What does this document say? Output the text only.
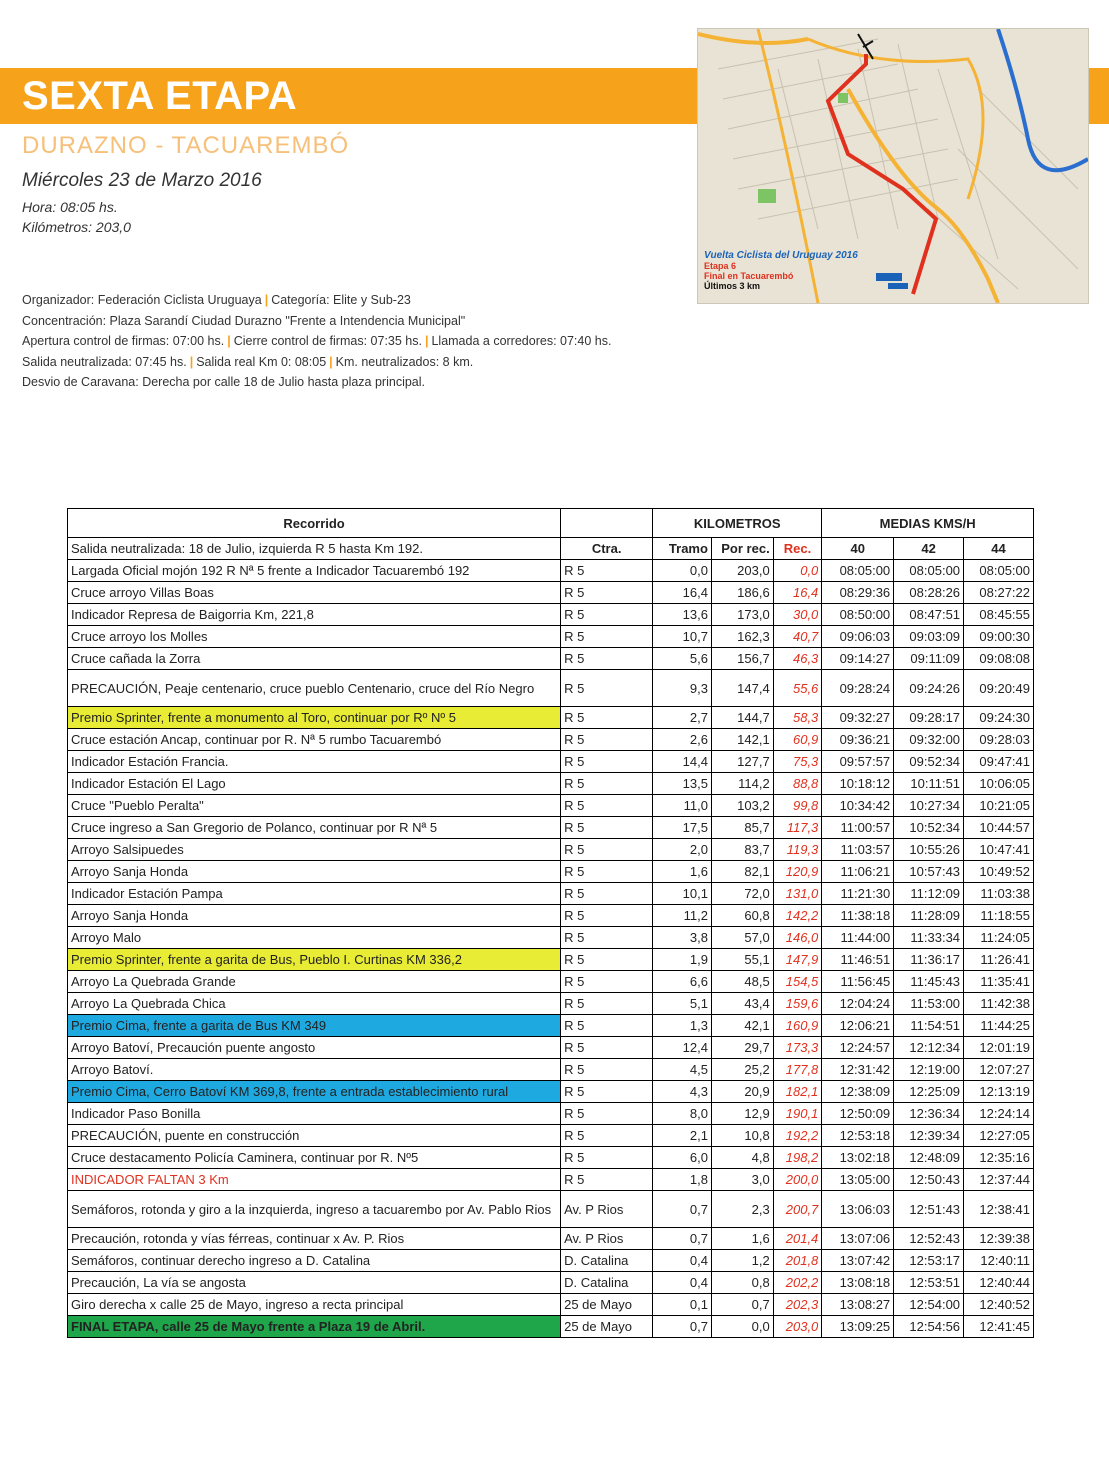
SEXTA ETAPA
DURAZNO - TACUAREMBÓ
Miércoles 23 de Marzo 2016
Hora: 08:05 hs.
Kilómetros: 203,0
Vuelta Ciclista del Uruguay 2016
Etapa 6
Final en Tacuarembó
Últimos 3 km
Organizador: Federación Ciclista Uruguaya | Categoría: Elite y Sub-23
Concentración: Plaza Sarandí Ciudad Durazno "Frente a Intendencia Municipal"
Apertura control de firmas: 07:00 hs. | Cierre control de firmas: 07:35 hs. | Llamada a corredores: 07:40 hs.
Salida neutralizada: 07:45 hs. | Salida real Km 0: 08:05 | Km. neutralizados: 8 km.
Desvio de Caravana: Derecha por calle 18 de Julio hasta plaza principal.
Recorrido		KILOMETROS			MEDIAS KMS/H		
Salida neutralizada: 18 de Julio, izquierda R 5 hasta Km 192.	Ctra.	Tramo	Por rec.	Rec.	40	42	44
Largada Oficial mojón 192 R Nª 5 frente a Indicador Tacuarembó 192	R 5	0,0	203,0	0,0	08:05:00	08:05:00	08:05:00
Cruce arroyo Villas Boas	R 5	16,4	186,6	16,4	08:29:36	08:28:26	08:27:22
Indicador Represa de Baigorria Km, 221,8	R 5	13,6	173,0	30,0	08:50:00	08:47:51	08:45:55
Cruce arroyo los Molles	R 5	10,7	162,3	40,7	09:06:03	09:03:09	09:00:30
Cruce cañada la Zorra	R 5	5,6	156,7	46,3	09:14:27	09:11:09	09:08:08
PRECAUCIÓN, Peaje centenario, cruce pueblo Centenario, cruce del Río Negro	R 5	9,3	147,4	55,6	09:28:24	09:24:26	09:20:49
Premio Sprinter, frente a monumento al Toro, continuar por Rº Nº 5	R 5	2,7	144,7	58,3	09:32:27	09:28:17	09:24:30
Cruce estación Ancap, continuar por R. Nª 5 rumbo Tacuarembó	R 5	2,6	142,1	60,9	09:36:21	09:32:00	09:28:03
Indicador Estación Francia.	R 5	14,4	127,7	75,3	09:57:57	09:52:34	09:47:41
Indicador Estación El Lago	R 5	13,5	114,2	88,8	10:18:12	10:11:51	10:06:05
Cruce "Pueblo Peralta"	R 5	11,0	103,2	99,8	10:34:42	10:27:34	10:21:05
Cruce ingreso a San Gregorio de Polanco, continuar por R Nª 5	R 5	17,5	85,7	117,3	11:00:57	10:52:34	10:44:57
Arroyo Salsipuedes	R 5	2,0	83,7	119,3	11:03:57	10:55:26	10:47:41
Arroyo Sanja Honda	R 5	1,6	82,1	120,9	11:06:21	10:57:43	10:49:52
Indicador Estación Pampa	R 5	10,1	72,0	131,0	11:21:30	11:12:09	11:03:38
Arroyo Sanja Honda	R 5	11,2	60,8	142,2	11:38:18	11:28:09	11:18:55
Arroyo Malo	R 5	3,8	57,0	146,0	11:44:00	11:33:34	11:24:05
Premio Sprinter, frente a garita de Bus, Pueblo I. Curtinas KM 336,2	R 5	1,9	55,1	147,9	11:46:51	11:36:17	11:26:41
Arroyo La Quebrada Grande	R 5	6,6	48,5	154,5	11:56:45	11:45:43	11:35:41
Arroyo La Quebrada Chica	R 5	5,1	43,4	159,6	12:04:24	11:53:00	11:42:38
Premio Cima, frente a garita de Bus KM 349	R 5	1,3	42,1	160,9	12:06:21	11:54:51	11:44:25
Arroyo Batoví, Precaución puente angosto	R 5	12,4	29,7	173,3	12:24:57	12:12:34	12:01:19
Arroyo Batoví.	R 5	4,5	25,2	177,8	12:31:42	12:19:00	12:07:27
Premio Cima, Cerro Batoví KM 369,8, frente a entrada establecimiento rural	R 5	4,3	20,9	182,1	12:38:09	12:25:09	12:13:19
Indicador Paso Bonilla	R 5	8,0	12,9	190,1	12:50:09	12:36:34	12:24:14
PRECAUCIÓN, puente en construcción	R 5	2,1	10,8	192,2	12:53:18	12:39:34	12:27:05
Cruce destacamento Policía Caminera, continuar por R. Nº5	R 5	6,0	4,8	198,2	13:02:18	12:48:09	12:35:16
INDICADOR FALTAN 3 Km	R 5	1,8	3,0	200,0	13:05:00	12:50:43	12:37:44
Semáforos, rotonda y giro a la inzquierda, ingreso a tacuarembo por Av. Pablo Rios	Av. P Rios	0,7	2,3	200,7	13:06:03	12:51:43	12:38:41
Precaución, rotonda y vías férreas, continuar x Av. P. Rios	Av. P Rios	0,7	1,6	201,4	13:07:06	12:52:43	12:39:38
Semáforos, continuar derecho ingreso a D. Catalina	D. Catalina	0,4	1,2	201,8	13:07:42	12:53:17	12:40:11
Precaución, La vía se angosta	D. Catalina	0,4	0,8	202,2	13:08:18	12:53:51	12:40:44
Giro derecha x calle 25 de Mayo, ingreso a recta principal	25 de Mayo	0,1	0,7	202,3	13:08:27	12:54:00	12:40:52
FINAL ETAPA, calle 25 de Mayo frente a Plaza 19 de Abril.	25 de Mayo	0,7	0,0	203,0	13:09:25	12:54:56	12:41:45
